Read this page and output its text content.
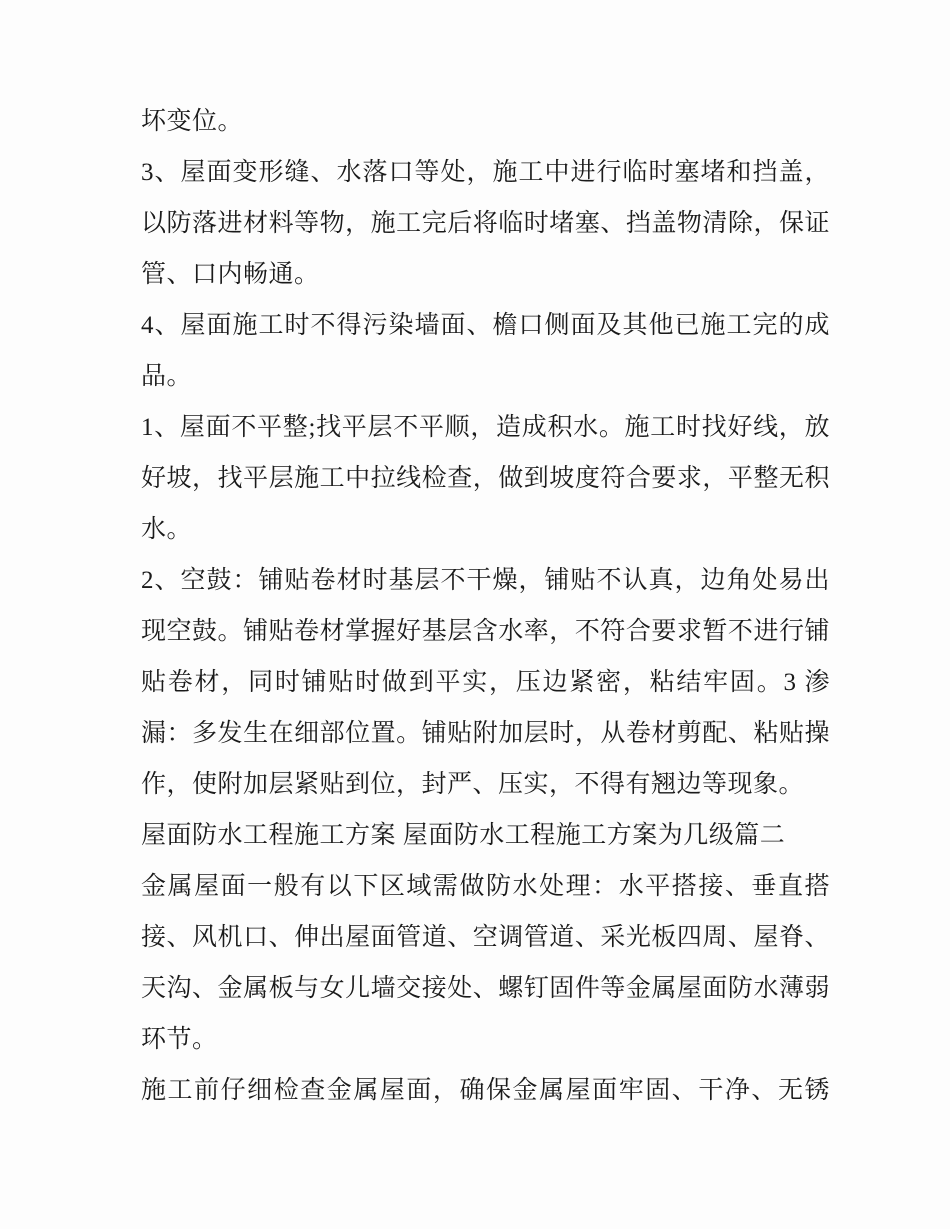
坏变位。
3、屋面变形缝、水落口等处，施工中进行临时塞堵和挡盖，
以防落进材料等物，施工完后将临时堵塞、挡盖物清除，保证
管、口内畅通。
4、屋面施工时不得污染墙面、檐口侧面及其他已施工完的成
品。
1、屋面不平整;找平层不平顺，造成积水。施工时找好线，放
好坡，找平层施工中拉线检查，做到坡度符合要求，平整无积
水。
2、空鼓：铺贴卷材时基层不干燥，铺贴不认真，边角处易出
现空鼓。铺贴卷材掌握好基层含水率，不符合要求暂不进行铺
贴卷材，同时铺贴时做到平实，压边紧密，粘结牢固。3 渗
漏：多发生在细部位置。铺贴附加层时，从卷材剪配、粘贴操
作，使附加层紧贴到位，封严、压实，不得有翘边等现象。
屋面防水工程施工方案 屋面防水工程施工方案为几级篇二
金属屋面一般有以下区域需做防水处理：水平搭接、垂直搭
接、风机口、伸出屋面管道、空调管道、采光板四周、屋脊、
天沟、金属板与女儿墙交接处、螺钉固件等金属屋面防水薄弱
环节。
施工前仔细检查金属屋面，确保金属屋面牢固、干净、无锈
